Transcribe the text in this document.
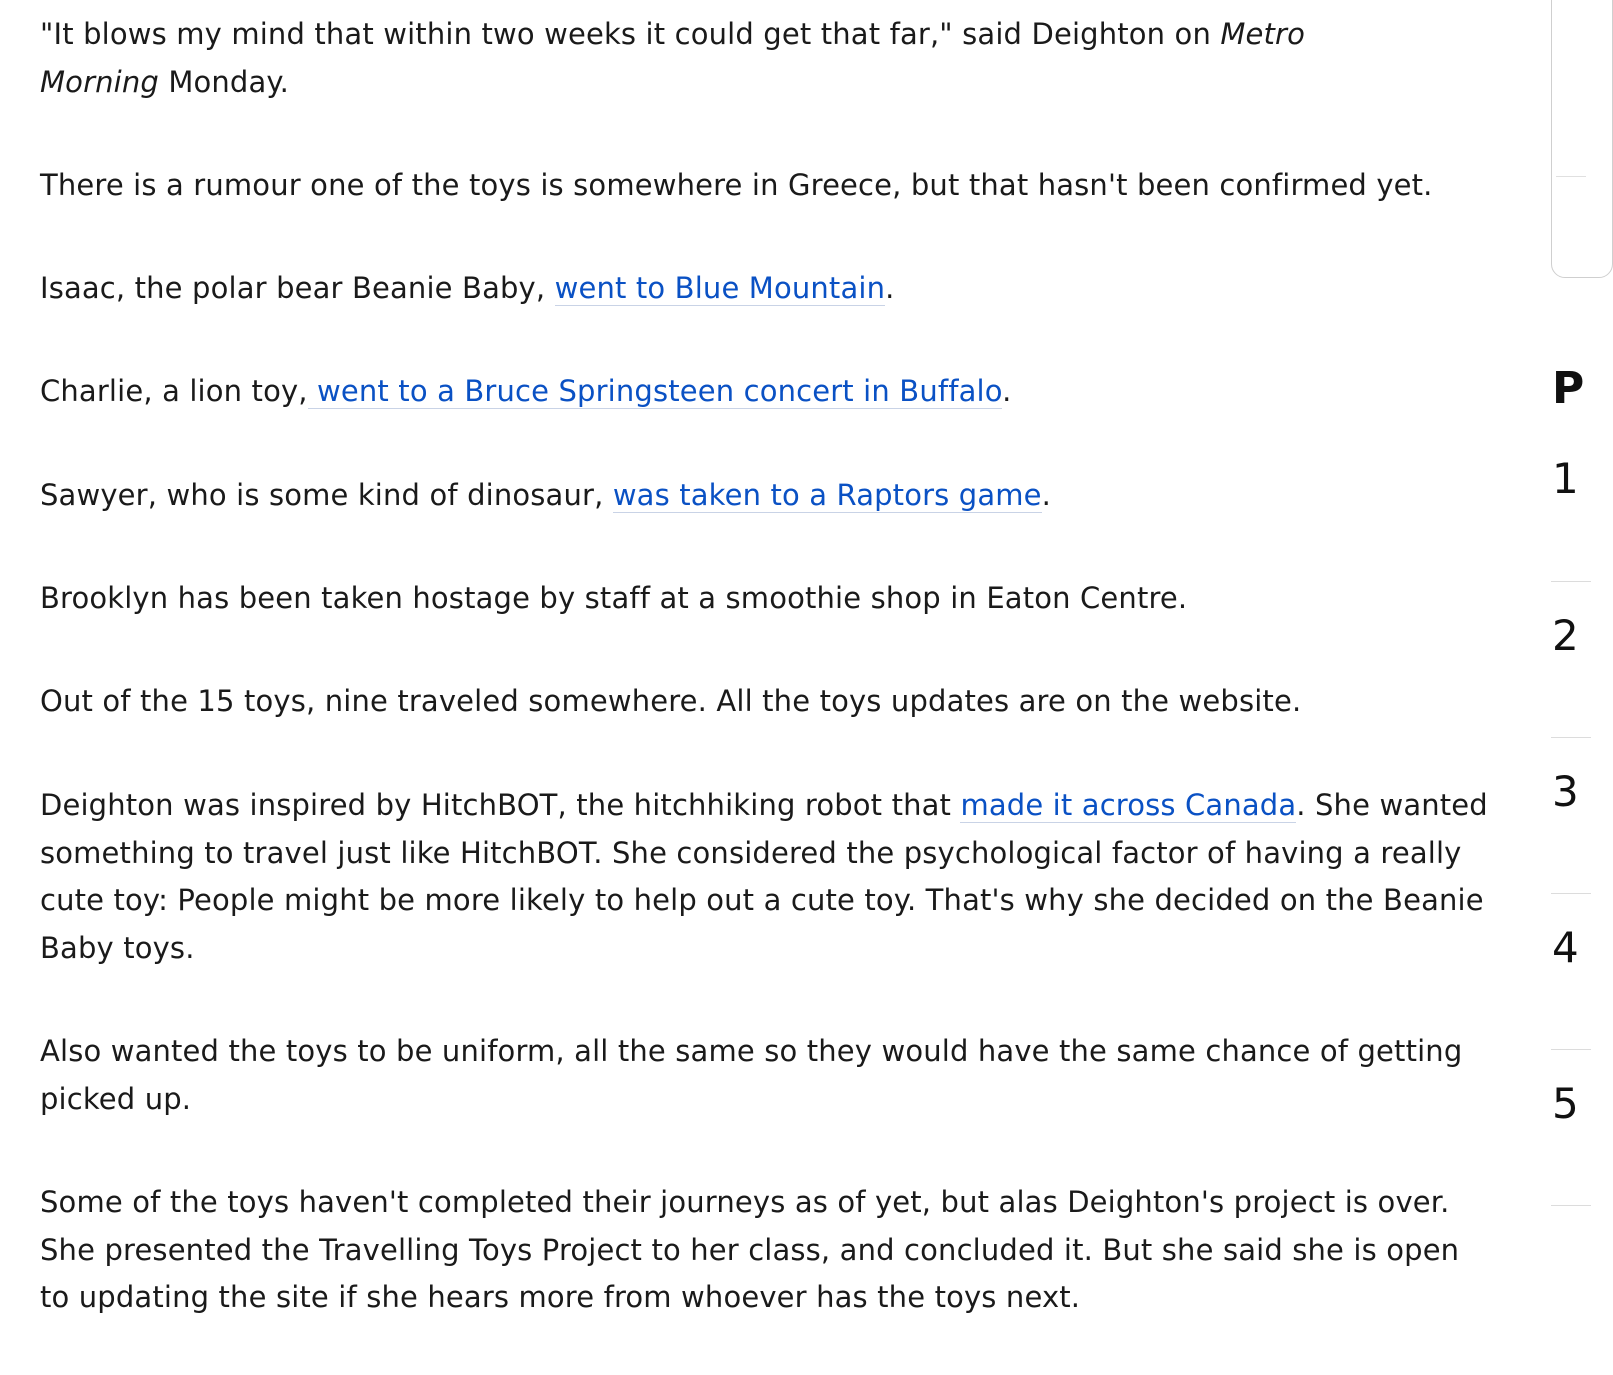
"It blows my mind that within two weeks it could get that far," said Deighton on Metro
Morning Monday.

There is a rumour one of the toys is somewhere in Greece, but that hasn't been confirmed yet.

Isaac, the polar bear Beanie Baby, went to Blue Mountain.

Charlie, a lion toy, went to a Bruce Springsteen concert in Buffalo.

Sawyer, who is some kind of dinosaur, was taken to a Raptors game.

Brooklyn has been taken hostage by staff at a smoothie shop in Eaton Centre.

Out of the 15 toys, nine traveled somewhere. All the toys updates are on the website.

Deighton was inspired by HitchBOT, the hitchhiking robot that made it across Canada. She wanted
something to travel just like HitchBOT. She considered the psychological factor of having a really
cute toy: People might be more likely to help out a cute toy. That's why she decided on the Beanie
Baby toys.

Also wanted the toys to be uniform, all the same so they would have the same chance of getting
picked up.

Some of the toys haven't completed their journeys as of yet, but alas Deighton's project is over.
She presented the Travelling Toys Project to her class, and concluded it. But she said she is open
to updating the site if she hears more from whoever has the toys next.

P
1
2
3
4
5
